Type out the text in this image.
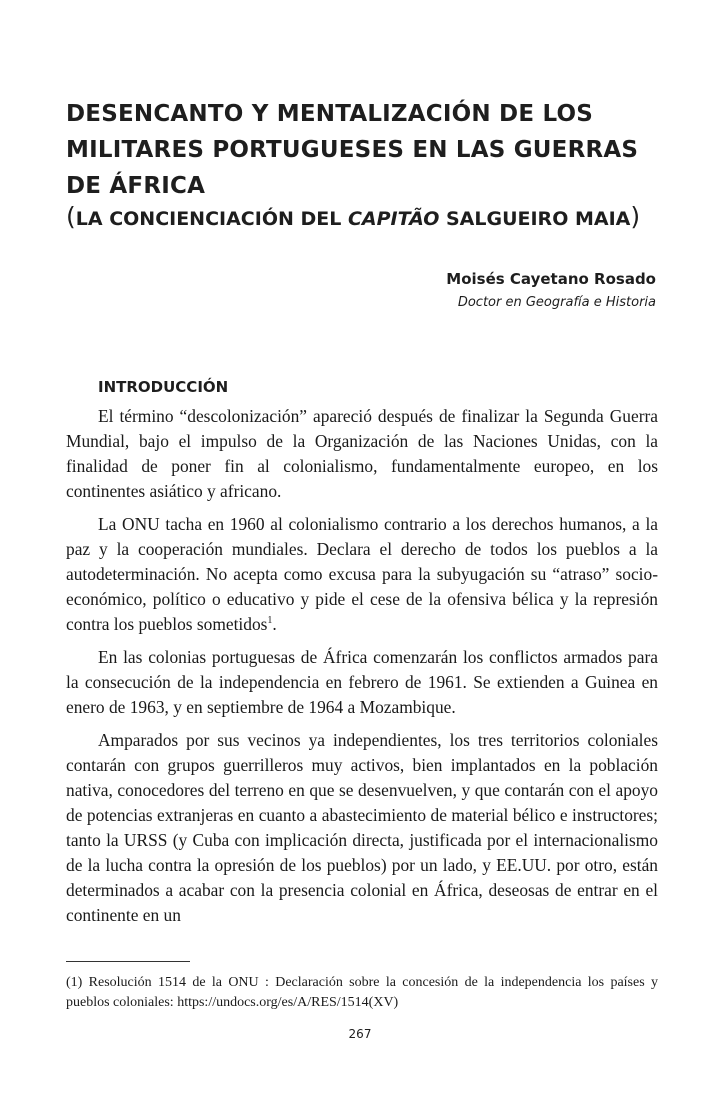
DESENCANTO Y MENTALIZACIÓN DE LOS
MILITARES PORTUGUESES EN LAS GUERRAS
DE ÁFRICA
(LA CONCIENCIACIÓN DEL CAPITÃO SALGUEIRO MAIA)
Moisés Cayetano Rosado
Doctor en Geografía e Historia
INTRODUCCIÓN

El término “descolonización” apareció después de finalizar la Segunda Guerra Mundial, bajo el impulso de la Organización de las Naciones Unidas, con la finalidad de poner fin al colonialismo, fundamentalmente europeo, en los continentes asiático y africano.

La ONU tacha en 1960 al colonialismo contrario a los derechos humanos, a la paz y la cooperación mundiales. Declara el derecho de todos los pueblos a la autodeterminación. No acepta como excusa para la subyugación su “atraso” socio-económico, político o educativo y pide el cese de la ofensiva bélica y la represión contra los pueblos sometidos$^1$.

En las colonias portuguesas de África comenzarán los conflictos armados para la consecución de la independencia en febrero de 1961. Se extienden a Guinea en enero de 1963, y en septiembre de 1964 a Mozambique.

Amparados por sus vecinos ya independientes, los tres territorios coloniales contarán con grupos guerrilleros muy activos, bien implantados en la población nativa, conocedores del terreno en que se desenvuelven, y que contarán con el apoyo de potencias extranjeras en cuanto a abastecimiento de material bélico e instructores; tanto la URSS (y Cuba con implicación directa, justificada por el internacionalismo de la lucha contra la opresión de los pueblos) por un lado, y EE.UU. por otro, están determinados a acabar con la presencia colonial en África, deseosas de entrar en el continente en un

(1) Resolución 1514 de la ONU : Declaración sobre la concesión de la independencia los países y pueblos coloniales: https://undocs.org/es/A/RES/1514(XV)

267
